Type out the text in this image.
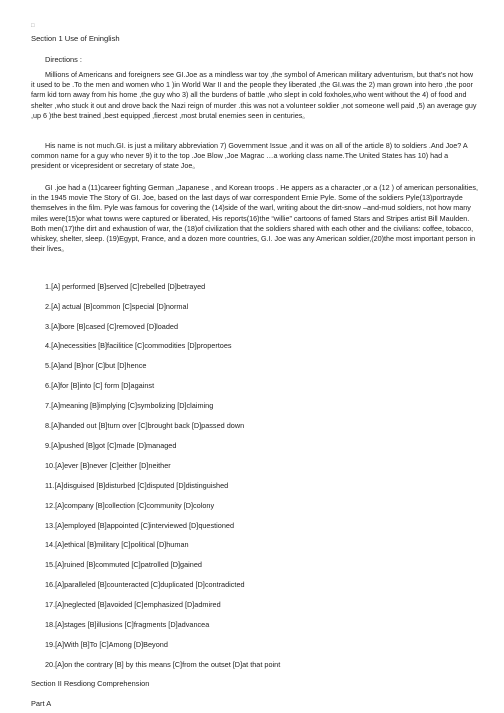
□
Section 1 Use of Eninglish
Directions :

Millions of Americans and foreigners see GI.Joe as a mindless war toy ,the symbol of American military adventurism, but that’s not how it used to be .To the men and women who 1 )in World War II and the people they liberated ,the GI.was the 2) man grown into hero ,the poor farm kid torn away from his home ,the guy who 3) all the burdens of battle ,who slept in cold foxholes,who went without the 4) of food and shelter ,who stuck it out and drove back the Nazi reign of murder .this was not a volunteer soldier ,not someone well paid ,5) an average guy ,up 6 )the best trained ,best equipped ,fiercest ,most brutal enemies seen in centuries。

His name is not much.GI. is just a military abbreviation 7) Government Issue ,and it was on all of the article 8) to soldiers .And Joe? A common name for a guy who never 9) it to the top .Joe Blow ,Joe Magrac …a working class name.The United States has 10) had a president or vicepresident or secretary of state Joe。

GI .joe had a (11)career fighting German ,Japanese , and Korean troops . He appers as a character ,or a (12 ) of american personalities, in the 1945 movie The Story of GI. Joe, based on the last days of war correspondent Ernie Pyle. Some of the soldiers Pyle(13)portrayde themselves in the film. Pyle was famous for covering the (14)side of the warl, writing about the dirt-snow –and-mud soldiers, not how many miles were(15)or what towns were captured or liberated, His reports(16)the “willie” cartoons of famed Stars and Stripes artist Bill Maulden. Both men(17)the dirt and exhaustion of war, the (18)of civilization that the soldiers shared with each other and the civilians: coffee, tobacco, whiskey, shelter, sleep. (19)Egypt, France, and a dozen more countries, G.I. Joe was any American soldier,(20)the most important person in their lives。

1.[A] performed [B]served [C]rebelled [D]betrayed
2.[A] actual [B]common [C]special [D]normal
3.[A]bore [B]cased [C]removed [D]loaded
4.[A]necessities [B]facilitice [C]commodities [D]propertoes
5.[A]and [B]nor [C]but [D]hence
6.[A]for [B]into [C] form [D]against
7.[A]meaning [B]implying [C]symbolizing [D]claiming
8.[A]handed out [B]turn over [C]brought back [D]passed down
9.[A]pushed [B]got [C]made [D]managed
10.[A]ever [B]never [C]either [D]neither
11.[A]disguised [B]disturbed [C]disputed [D]distinguished
12.[A]company [B]collection [C]community [D]colony
13.[A]employed [B]appointed [C]interviewed [D]questioned
14.[A]ethical [B]military [C]political [D]human
15.[A]ruined [B]commuted [C]patrolled [D]gained
16.[A]paralleled [B]counteracted [C]duplicated [D]contradicted
17.[A]neglected [B]avoided [C]emphasized [D]admired
18.[A]stages [B]illusions [C]fragments [D]advancea
19.[A]With [B]To [C]Among [D]Beyond
20.[A]on the contrary [B] by this means [C]from the outset [D]at that point
Section II Resdiong Comprehension
Part A
